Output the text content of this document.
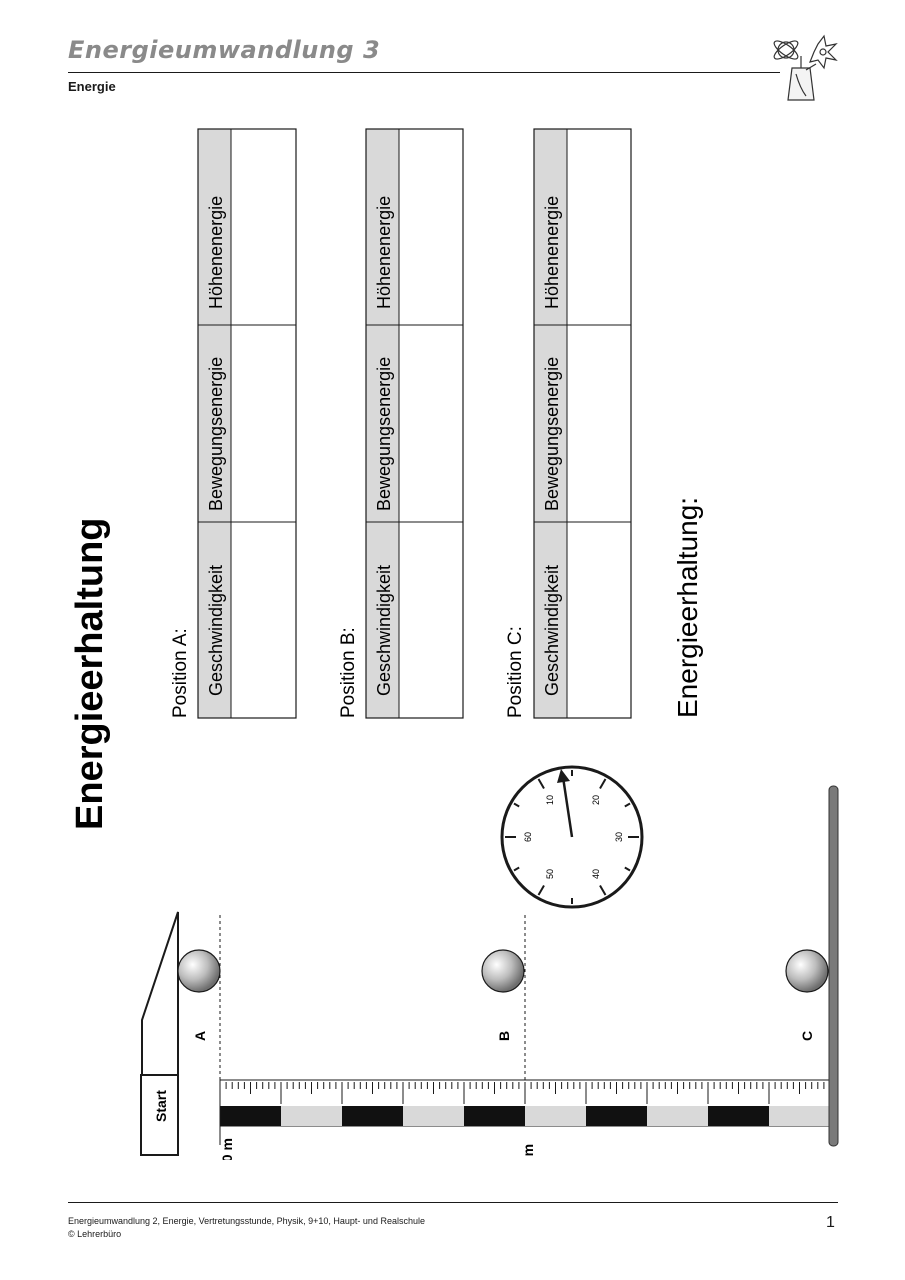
Energieumwandlung 3
Energie
Energieerhaltung	Position A: Geschwindigkeit
Bewegungsenergie
Höhenenergie
Position B: Geschwindigkeit
Bewegungsenergie
Höhenenergie
Position C: Geschwindigkeit
Bewegungsenergie
Höhenenergie
Energieerhaltung:
10	20
30
40
50
60
Start
A	B	C
10 m	5 m
Energieumwandlung 2, Energie, Vertretungsstunde, Physik, 9+10, Haupt- und Realschule
© Lehrerbüro
1
